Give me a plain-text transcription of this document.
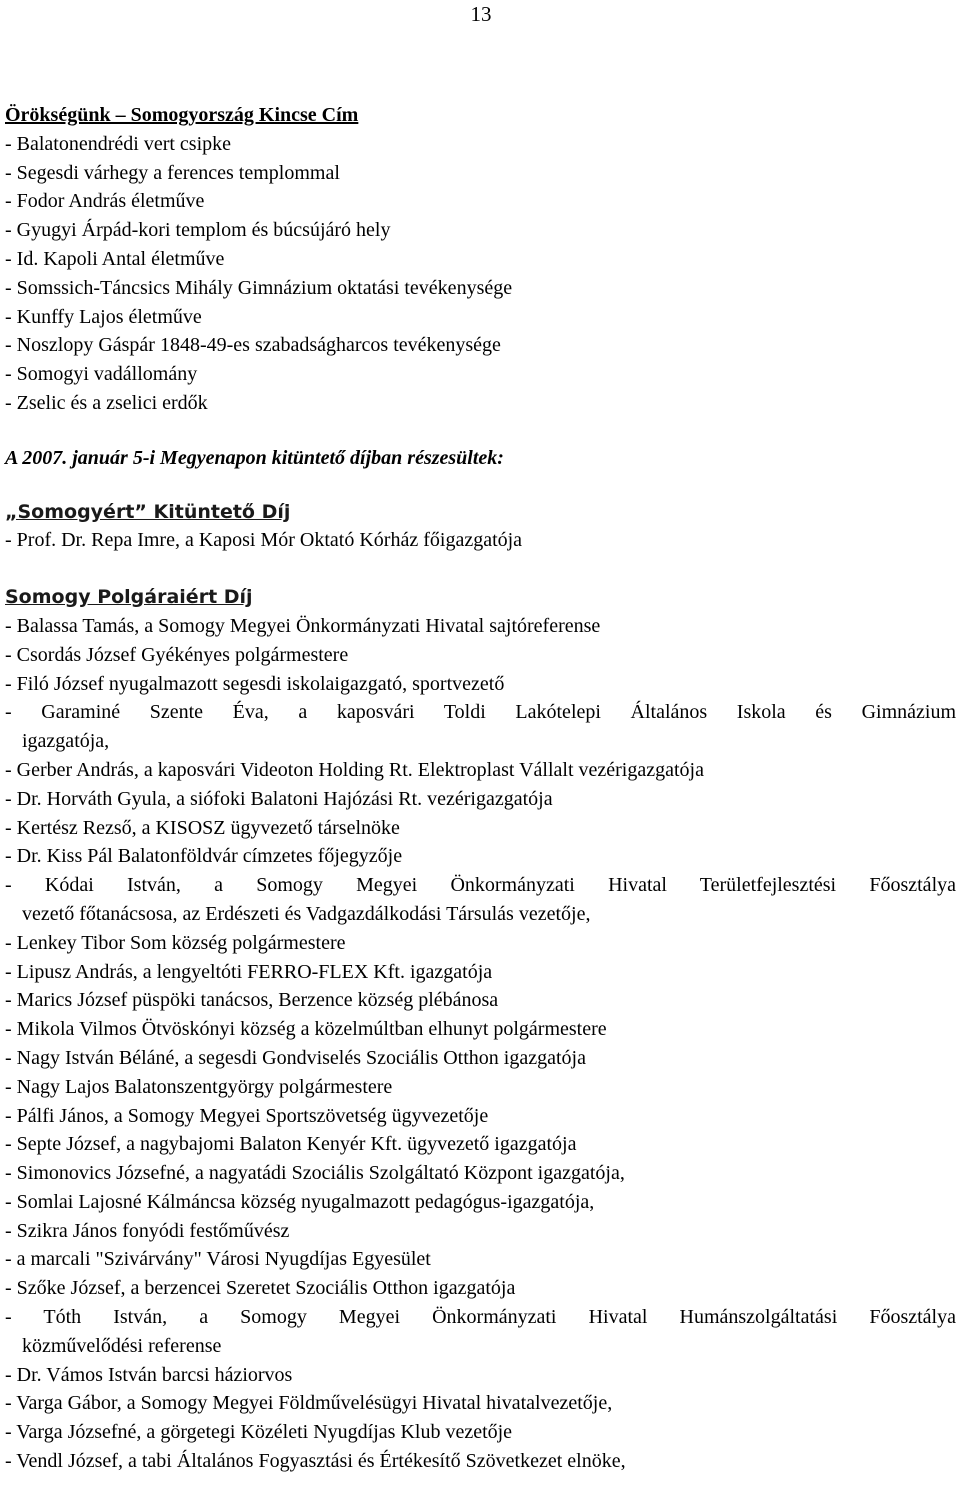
13
Örökségünk – Somogyország Kincse Cím
- Balatonendrédi vert csipke
- Segesdi várhegy a ferences templommal
- Fodor András életműve
- Gyugyi Árpád-kori templom és búcsújáró hely
- Id. Kapoli Antal életműve
- Somssich-Táncsics Mihály Gimnázium oktatási tevékenysége
- Kunffy Lajos életműve
- Noszlopy Gáspár 1848-49-es szabadságharcos tevékenysége
- Somogyi vadállomány
- Zselic és a zselici erdők
A 2007. január 5-i Megyenapon kitüntető díjban részesültek:
„Somogyért” Kitüntető Díj
- Prof. Dr. Repa Imre, a Kaposi Mór Oktató Kórház főigazgatója
Somogy Polgáraiért Díj
- Balassa Tamás, a Somogy Megyei Önkormányzati Hivatal sajtóreferense
- Csordás József Gyékényes polgármestere
- Filó József nyugalmazott segesdi iskolaigazgató, sportvezető
- Garaminé Szente Éva, a kaposvári Toldi Lakótelepi Általános Iskola és Gimnázium
igazgatója,
- Gerber András, a kaposvári Videoton Holding Rt. Elektroplast Vállalt vezérigazgatója
- Dr. Horváth Gyula, a siófoki Balatoni Hajózási Rt. vezérigazgatója
- Kertész Rezső, a KISOSZ ügyvezető társelnöke
- Dr. Kiss Pál Balatonföldvár címzetes főjegyzője
- Kódai István, a Somogy Megyei Önkormányzati Hivatal Területfejlesztési Főosztálya
vezető főtanácsosa, az Erdészeti és Vadgazdálkodási Társulás vezetője,
- Lenkey Tibor Som község polgármestere
- Lipusz András, a lengyeltóti FERRO-FLEX Kft. igazgatója
- Marics József püspöki tanácsos, Berzence község plébánosa
- Mikola Vilmos Ötvöskónyi község a közelmúltban elhunyt polgármestere
- Nagy István Béláné, a segesdi Gondviselés Szociális Otthon igazgatója
- Nagy Lajos Balatonszentgyörgy polgármestere
- Pálfi János, a Somogy Megyei Sportszövetség ügyvezetője
- Septe József, a nagybajomi Balaton Kenyér Kft. ügyvezető igazgatója
- Simonovics Józsefné, a nagyatádi Szociális Szolgáltató Központ igazgatója,
- Somlai Lajosné Kálmáncsa község nyugalmazott pedagógus-igazgatója,
- Szikra János fonyódi festőművész
- a marcali "Szivárvány" Városi Nyugdíjas Egyesület
- Szőke József, a berzencei Szeretet Szociális Otthon igazgatója
- Tóth István, a Somogy Megyei Önkormányzati Hivatal Humánszolgáltatási Főosztálya
közművelődési referense
- Dr. Vámos István barcsi háziorvos
- Varga Gábor, a Somogy Megyei Földművelésügyi Hivatal hivatalvezetője,
- Varga Józsefné, a görgetegi Közéleti Nyugdíjas Klub vezetője
- Vendl József, a tabi Általános Fogyasztási és Értékesítő Szövetkezet elnöke,
